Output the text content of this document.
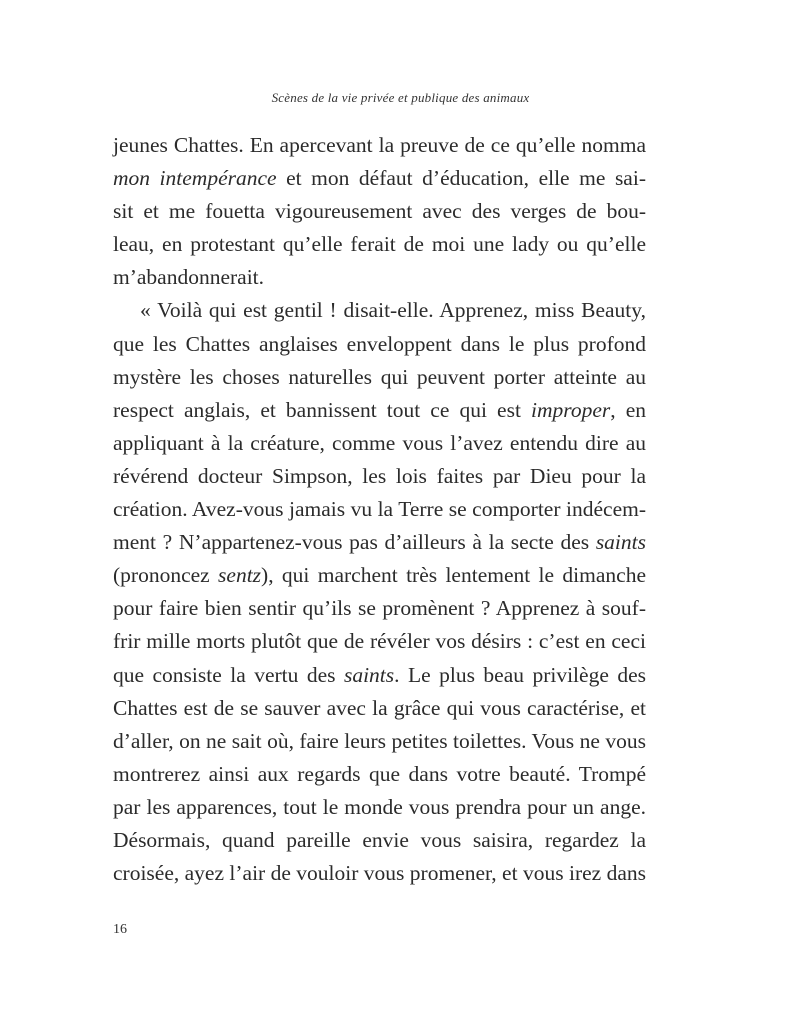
Scènes de la vie privée et publique des animaux
jeunes Chattes. En apercevant la preuve de ce qu’elle nomma
mon intempérance et mon défaut d’éducation, elle me sai-
sit et me fouetta vigoureusement avec des verges de bou-
leau, en protestant qu’elle ferait de moi une lady ou qu’elle
m’abandonnerait.
« Voilà qui est gentil ! disait-elle. Apprenez, miss Beauty,
que les Chattes anglaises enveloppent dans le plus profond
mystère les choses naturelles qui peuvent porter atteinte au
respect anglais, et bannissent tout ce qui est improper, en
appliquant à la créature, comme vous l’avez entendu dire au
révérend docteur Simpson, les lois faites par Dieu pour la
création. Avez-vous jamais vu la Terre se comporter indécem-
ment ? N’appartenez-vous pas d’ailleurs à la secte des saints
(prononcez sentz), qui marchent très lentement le dimanche
pour faire bien sentir qu’ils se promènent ? Apprenez à souf-
frir mille morts plutôt que de révéler vos désirs : c’est en ceci
que consiste la vertu des saints. Le plus beau privilège des
Chattes est de se sauver avec la grâce qui vous caractérise, et
d’aller, on ne sait où, faire leurs petites toilettes. Vous ne vous
montrerez ainsi aux regards que dans votre beauté. Trompé
par les apparences, tout le monde vous prendra pour un ange.
Désormais, quand pareille envie vous saisira, regardez la
croisée, ayez l’air de vouloir vous promener, et vous irez dans
16
